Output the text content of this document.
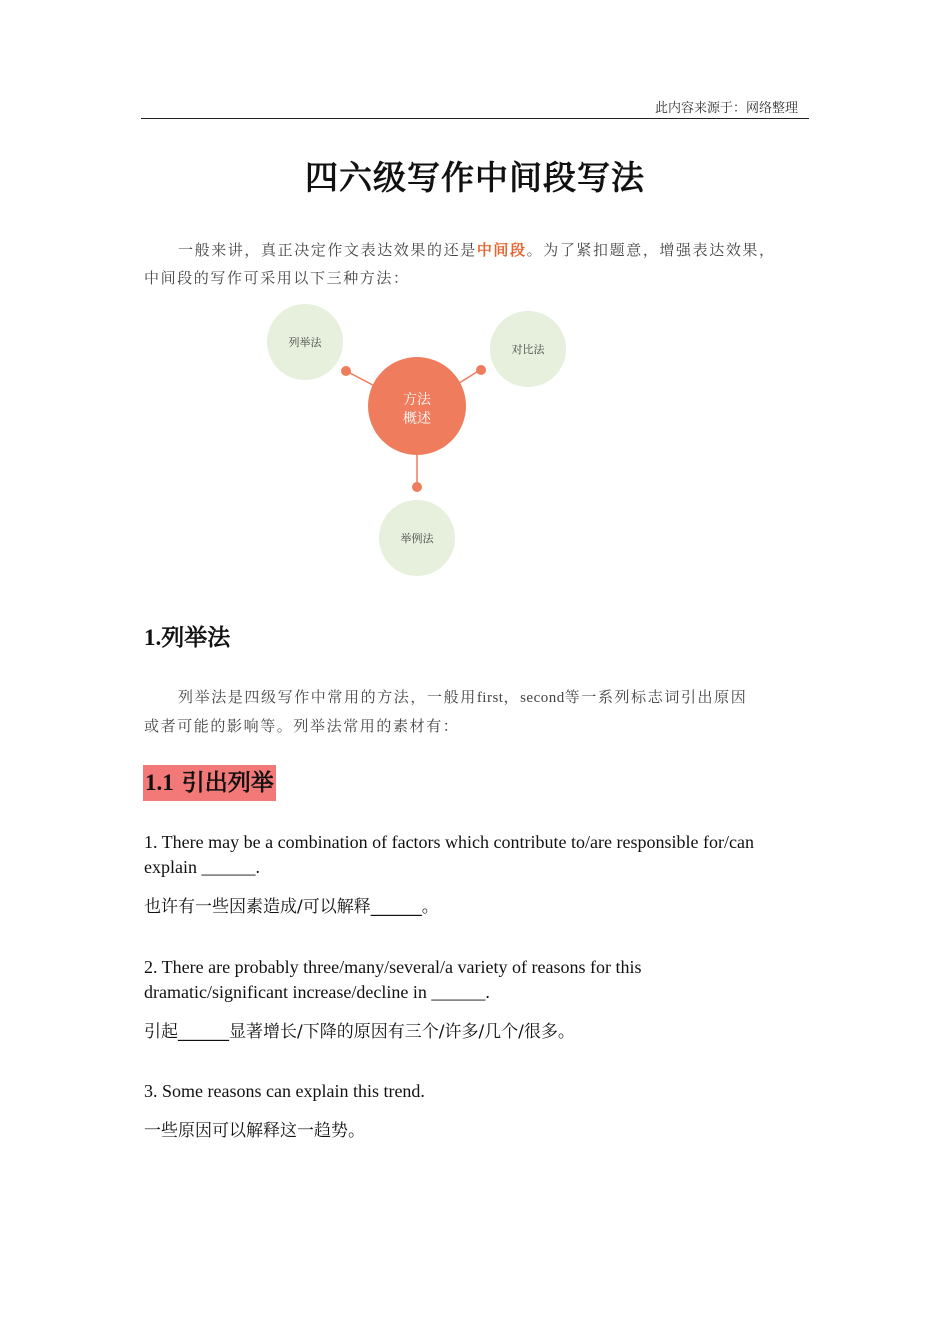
此内容来源于：网络整理
四六级写作中间段写法
一般来讲，真正决定作文表达效果的还是中间段。为了紧扣题意，增强表达效果，
中间段的写作可采用以下三种方法：
方法
概述
列举法
对比法
举例法
1.列举法
列举法是四级写作中常用的方法，一般用first，second等一系列标志词引出原因
或者可能的影响等。列举法常用的素材有：
1.1 引出列举
1. There may be a combination of factors which contribute to/are responsible for/can
explain ______.
也许有一些因素造成/可以解释______。
2. There are probably three/many/several/a variety of reasons for this
dramatic/significant increase/decline in ______.
引起______显著增长/下降的原因有三个/许多/几个/很多。
3. Some reasons can explain this trend.
一些原因可以解释这一趋势。
